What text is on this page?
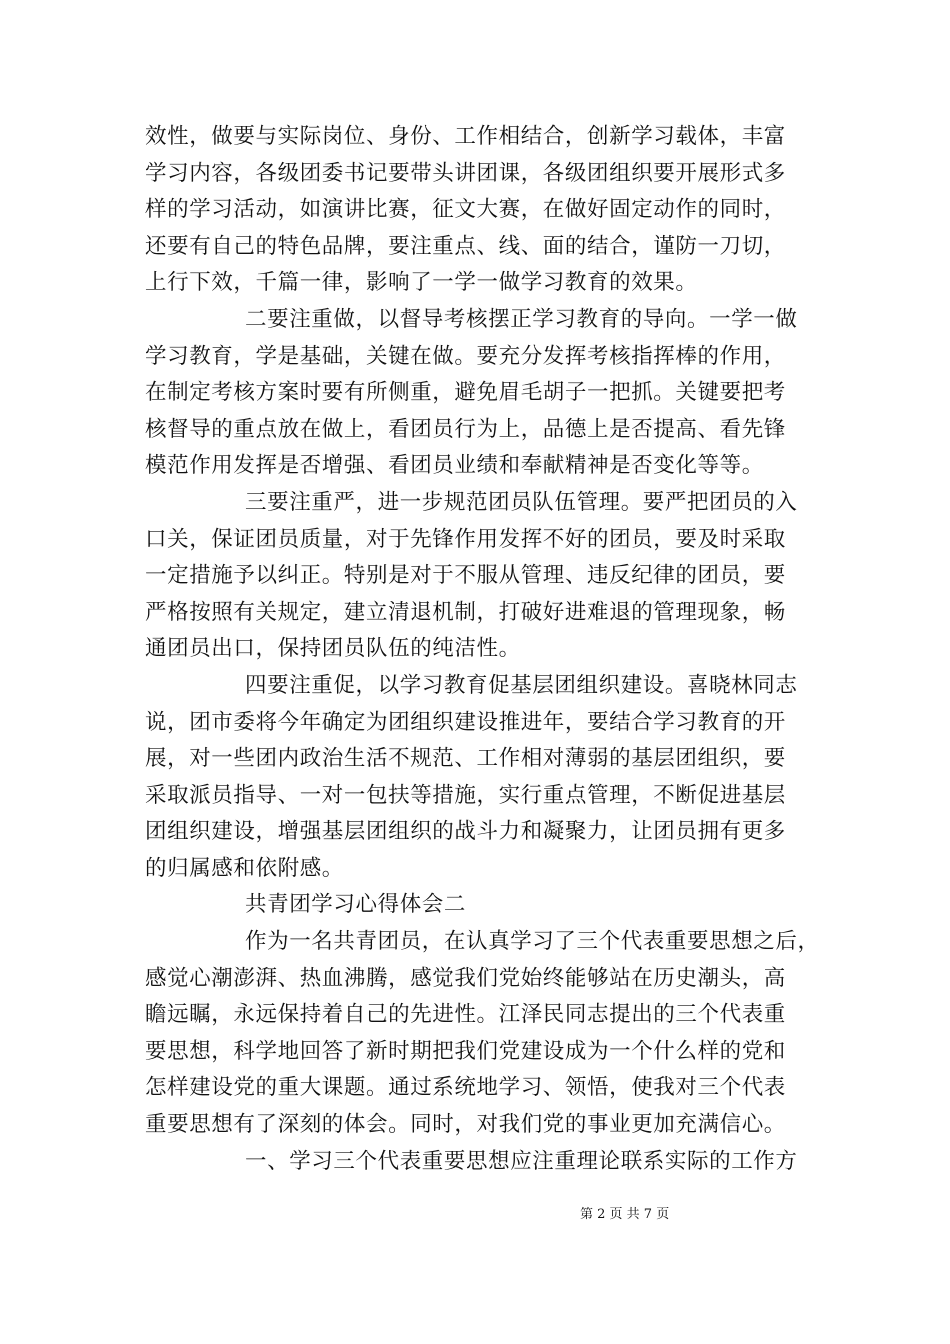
效性，做要与实际岗位、身份、工作相结合，创新学习载体，丰富
学习内容，各级团委书记要带头讲团课，各级团组织要开展形式多
样的学习活动，如演讲比赛，征文大赛，在做好固定动作的同时，
还要有自己的特色品牌，要注重点、线、面的结合，谨防一刀切，
上行下效，千篇一律，影响了一学一做学习教育的效果。
二要注重做，以督导考核摆正学习教育的导向。一学一做
学习教育，学是基础，关键在做。要充分发挥考核指挥棒的作用，
在制定考核方案时要有所侧重，避免眉毛胡子一把抓。关键要把考
核督导的重点放在做上，看团员行为上，品德上是否提高、看先锋
模范作用发挥是否增强、看团员业绩和奉献精神是否变化等等。
三要注重严，进一步规范团员队伍管理。要严把团员的入
口关，保证团员质量，对于先锋作用发挥不好的团员，要及时采取
一定措施予以纠正。特别是对于不服从管理、违反纪律的团员，要
严格按照有关规定，建立清退机制，打破好进难退的管理现象，畅
通团员出口，保持团员队伍的纯洁性。
四要注重促，以学习教育促基层团组织建设。喜晓林同志
说，团市委将今年确定为团组织建设推进年，要结合学习教育的开
展，对一些团内政治生活不规范、工作相对薄弱的基层团组织，要
采取派员指导、一对一包扶等措施，实行重点管理，不断促进基层
团组织建设，增强基层团组织的战斗力和凝聚力，让团员拥有更多
的归属感和依附感。
共青团学习心得体会二
作为一名共青团员，在认真学习了三个代表重要思想之后，
感觉心潮澎湃、热血沸腾，感觉我们党始终能够站在历史潮头，高
瞻远瞩，永远保持着自己的先进性。江泽民同志提出的三个代表重
要思想，科学地回答了新时期把我们党建设成为一个什么样的党和
怎样建设党的重大课题。通过系统地学习、领悟，使我对三个代表
重要思想有了深刻的体会。同时，对我们党的事业更加充满信心。
一、学习三个代表重要思想应注重理论联系实际的工作方
第 2 页 共 7 页
